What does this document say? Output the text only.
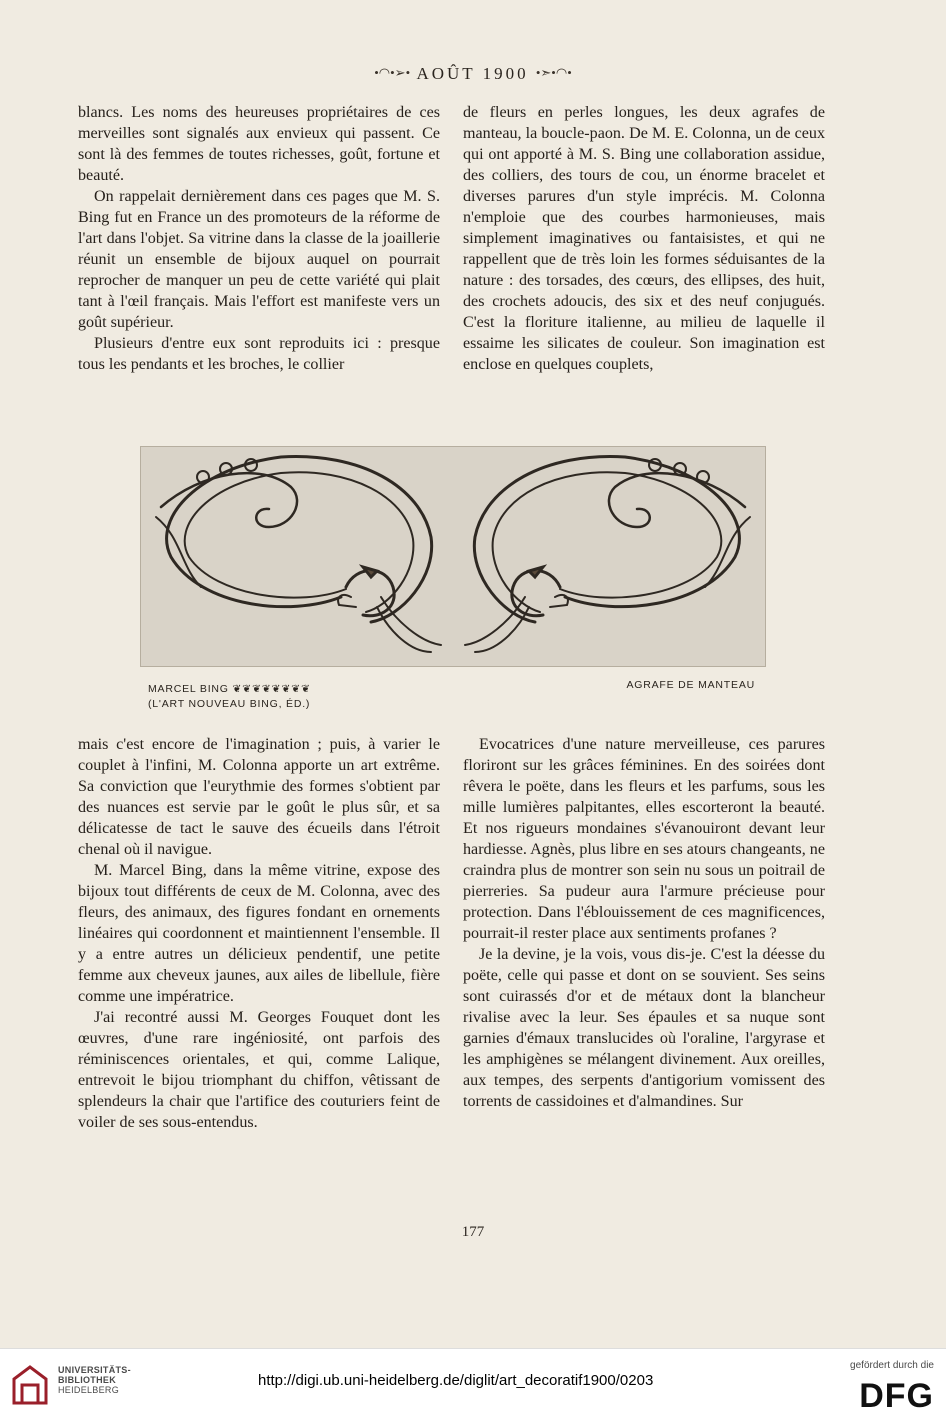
•◠•➢• AOÛT 1900 •➣•◠•

blancs. Les noms des heureuses propriétaires de ces merveilles sont signalés aux envieux qui passent. Ce sont là des femmes de toutes richesses, goût, fortune et beauté.

On rappelait dernièrement dans ces pages que M. S. Bing fut en France un des promoteurs de la réforme de l'art dans l'objet. Sa vitrine dans la classe de la joaillerie réunit un ensemble de bijoux auquel on pourrait reprocher de manquer un peu de cette variété qui plait tant à l'œil français. Mais l'effort est manifeste vers un goût supérieur.

Plusieurs d'entre eux sont reproduits ici : presque tous les pendants et les broches, le collier

de fleurs en perles longues, les deux agrafes de manteau, la boucle-paon. De M. E. Colonna, un de ceux qui ont apporté à M. S. Bing une collaboration assidue, des colliers, des tours de cou, un énorme bracelet et diverses parures d'un style imprécis. M. Colonna n'emploie que des courbes harmonieuses, mais simplement imaginatives ou fantaisistes, et qui ne rappellent que de très loin les formes séduisantes de la nature : des torsades, des cœurs, des ellipses, des huit, des crochets adoucis, des six et des neuf conjugués. C'est la floriture italienne, au milieu de laquelle il essaime les silicates de couleur. Son imagination est enclose en quelques couplets,

MARCEL BING ❦❦❦❦❦❦❦❦
(L'ART NOUVEAU BING, ÉD.)
AGRAFE DE MANTEAU

mais c'est encore de l'imagination ; puis, à varier le couplet à l'infini, M. Colonna apporte un art extrême. Sa conviction que l'eurythmie des formes s'obtient par des nuances est servie par le goût le plus sûr, et sa délicatesse de tact le sauve des écueils dans l'étroit chenal où il navigue.

M. Marcel Bing, dans la même vitrine, expose des bijoux tout différents de ceux de M. Colonna, avec des fleurs, des animaux, des figures fondant en ornements linéaires qui coordonnent et maintiennent l'ensemble. Il y a entre autres un délicieux pendentif, une petite femme aux cheveux jaunes, aux ailes de libellule, fière comme une impératrice.

J'ai recontré aussi M. Georges Fouquet dont les œuvres, d'une rare ingéniosité, ont parfois des réminiscences orientales, et qui, comme Lalique, entrevoit le bijou triomphant du chiffon, vêtissant de splendeurs la chair que l'artifice des couturiers feint de voiler de ses sous-entendus.

Evocatrices d'une nature merveilleuse, ces parures floriront sur les grâces féminines. En des soirées dont rêvera le poëte, dans les fleurs et les parfums, sous les mille lumières palpitantes, elles escorteront la beauté. Et nos rigueurs mondaines s'évanouiront devant leur hardiesse. Agnès, plus libre en ses atours changeants, ne craindra plus de montrer son sein nu sous un poitrail de pierreries. Sa pudeur aura l'armure précieuse pour protection. Dans l'éblouissement de ces magnificences, pourrait-il rester place aux sentiments profanes ?

Je la devine, je la vois, vous dis-je. C'est la déesse du poëte, celle qui passe et dont on se souvient. Ses seins sont cuirassés d'or et de métaux dont la blancheur rivalise avec la leur. Ses épaules et sa nuque sont garnies d'émaux translucides où l'oraline, l'argyrase et les amphigènes se mélangent divinement. Aux oreilles, aux tempes, des serpents d'antigorium vomissent des torrents de cassidoines et d'almandines. Sur

177
UNIVERSITÄTS-
BIBLIOTHEK
HEIDELBERG
http://digi.ub.uni-heidelberg.de/diglit/art_decoratif1900/0203
gefördert durch die
DFG
